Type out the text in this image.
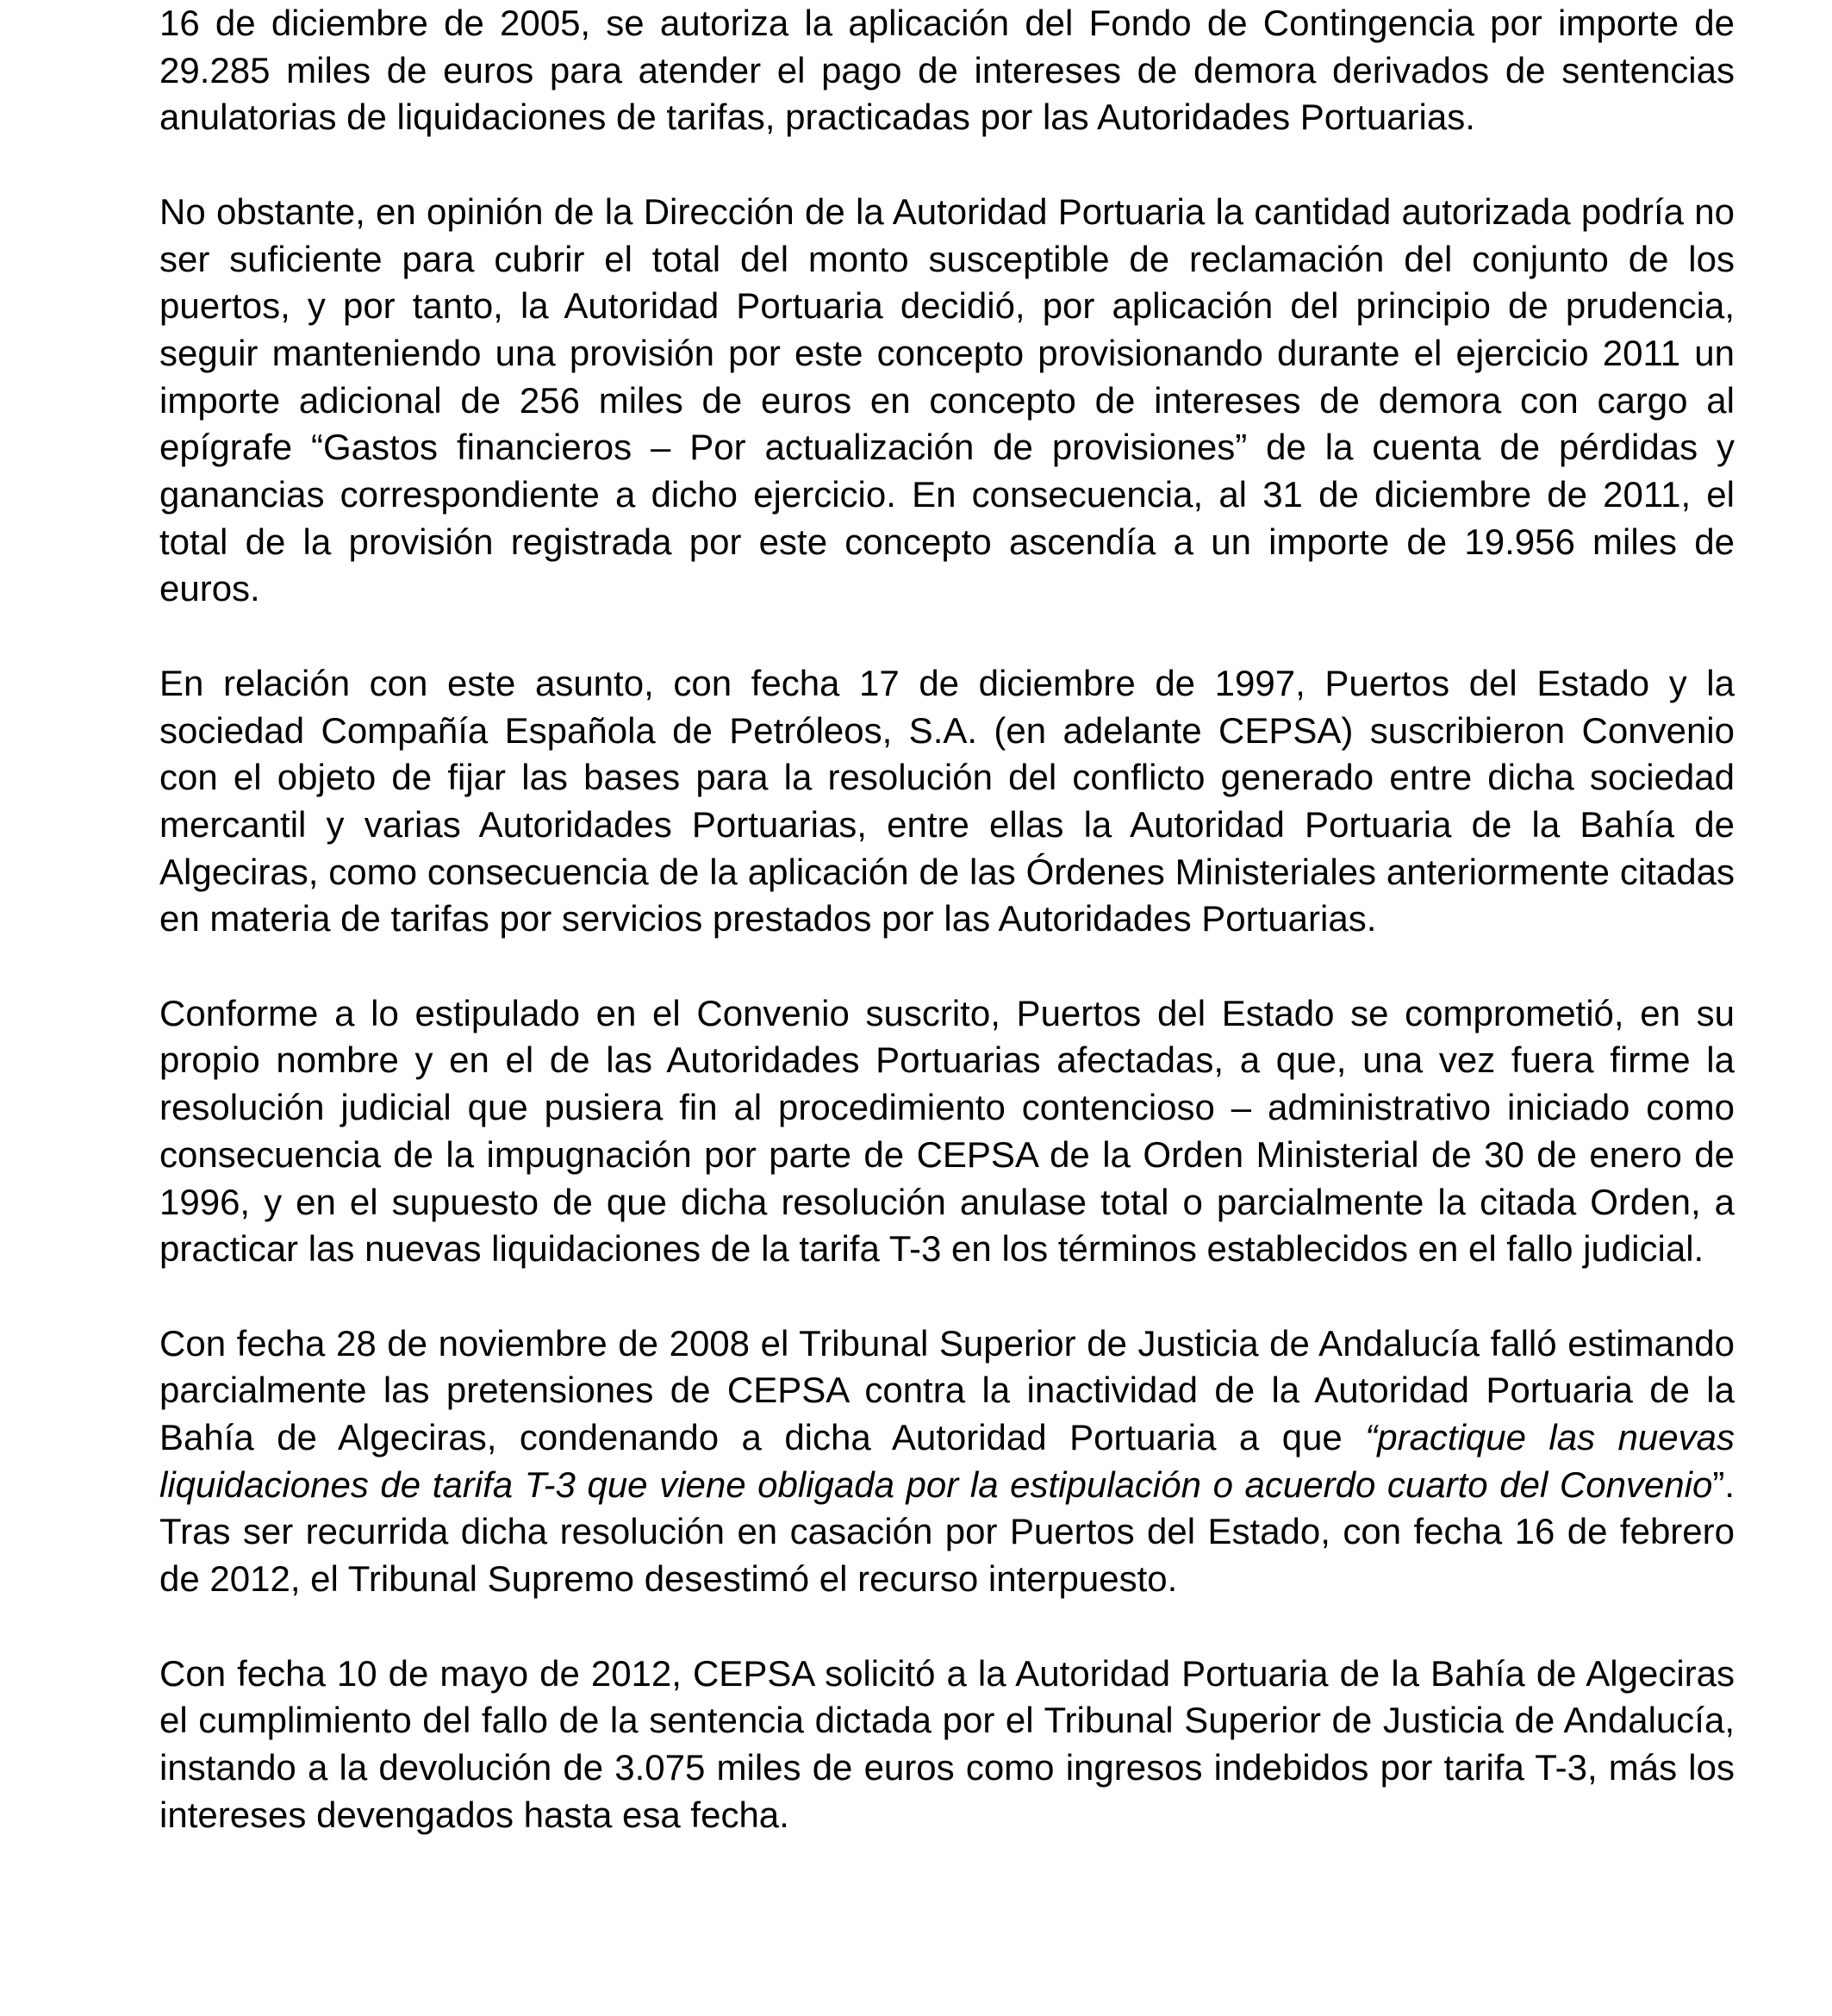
16 de diciembre de 2005, se autoriza la aplicación del Fondo de Contingencia por importe de 29.285 miles de euros para atender el pago de intereses de demora derivados de sentencias anulatorias de liquidaciones de tarifas, practicadas por las Autoridades Portuarias.

No obstante, en opinión de la Dirección de la Autoridad Portuaria la cantidad autorizada podría no ser suficiente para cubrir el total del monto susceptible de reclamación del conjunto de los puertos, y por tanto, la Autoridad Portuaria decidió, por aplicación del principio de prudencia, seguir manteniendo una provisión por este concepto provisionando durante el ejercicio 2011 un importe adicional de 256 miles de euros en concepto de intereses de demora con cargo al epígrafe “Gastos financieros – Por actualización de provisiones” de la cuenta de pérdidas y ganancias correspondiente a dicho ejercicio. En consecuencia, al 31 de diciembre de 2011, el total de la provisión registrada por este concepto ascendía a un importe de 19.956 miles de euros.

En relación con este asunto, con fecha 17 de diciembre de 1997, Puertos del Estado y la sociedad Compañía Española de Petróleos, S.A. (en adelante CEPSA) suscribieron Convenio con el objeto de fijar las bases para la resolución del conflicto generado entre dicha sociedad mercantil y varias Autoridades Portuarias, entre ellas la Autoridad Portuaria de la Bahía de Algeciras, como consecuencia de la aplicación de las Órdenes Ministeriales anteriormente citadas en materia de tarifas por servicios prestados por las Autoridades Portuarias.

Conforme a lo estipulado en el Convenio suscrito, Puertos del Estado se comprometió, en su propio nombre y en el de las Autoridades Portuarias afectadas, a que, una vez fuera firme la resolución judicial que pusiera fin al procedimiento contencioso – administrativo iniciado como consecuencia de la impugnación por parte de CEPSA de la Orden Ministerial de 30 de enero de 1996, y en el supuesto de que dicha resolución anulase total o parcialmente la citada Orden, a practicar las nuevas liquidaciones de la tarifa T-3 en los términos establecidos en el fallo judicial.

Con fecha 28 de noviembre de 2008 el Tribunal Superior de Justicia de Andalucía falló estimando parcialmente las pretensiones de CEPSA contra la inactividad de la Autoridad Portuaria de la Bahía de Algeciras, condenando a dicha Autoridad Portuaria a que “practique las nuevas liquidaciones de tarifa T-3 que viene obligada por la estipulación o acuerdo cuarto del Convenio”. Tras ser recurrida dicha resolución en casación por Puertos del Estado, con fecha 16 de febrero de 2012, el Tribunal Supremo desestimó el recurso interpuesto.

Con fecha 10 de mayo de 2012, CEPSA solicitó a la Autoridad Portuaria de la Bahía de Algeciras el cumplimiento del fallo de la sentencia dictada por el Tribunal Superior de Justicia de Andalucía, instando a la devolución de 3.075 miles de euros como ingresos indebidos por tarifa T-3, más los intereses devengados hasta esa fecha.
